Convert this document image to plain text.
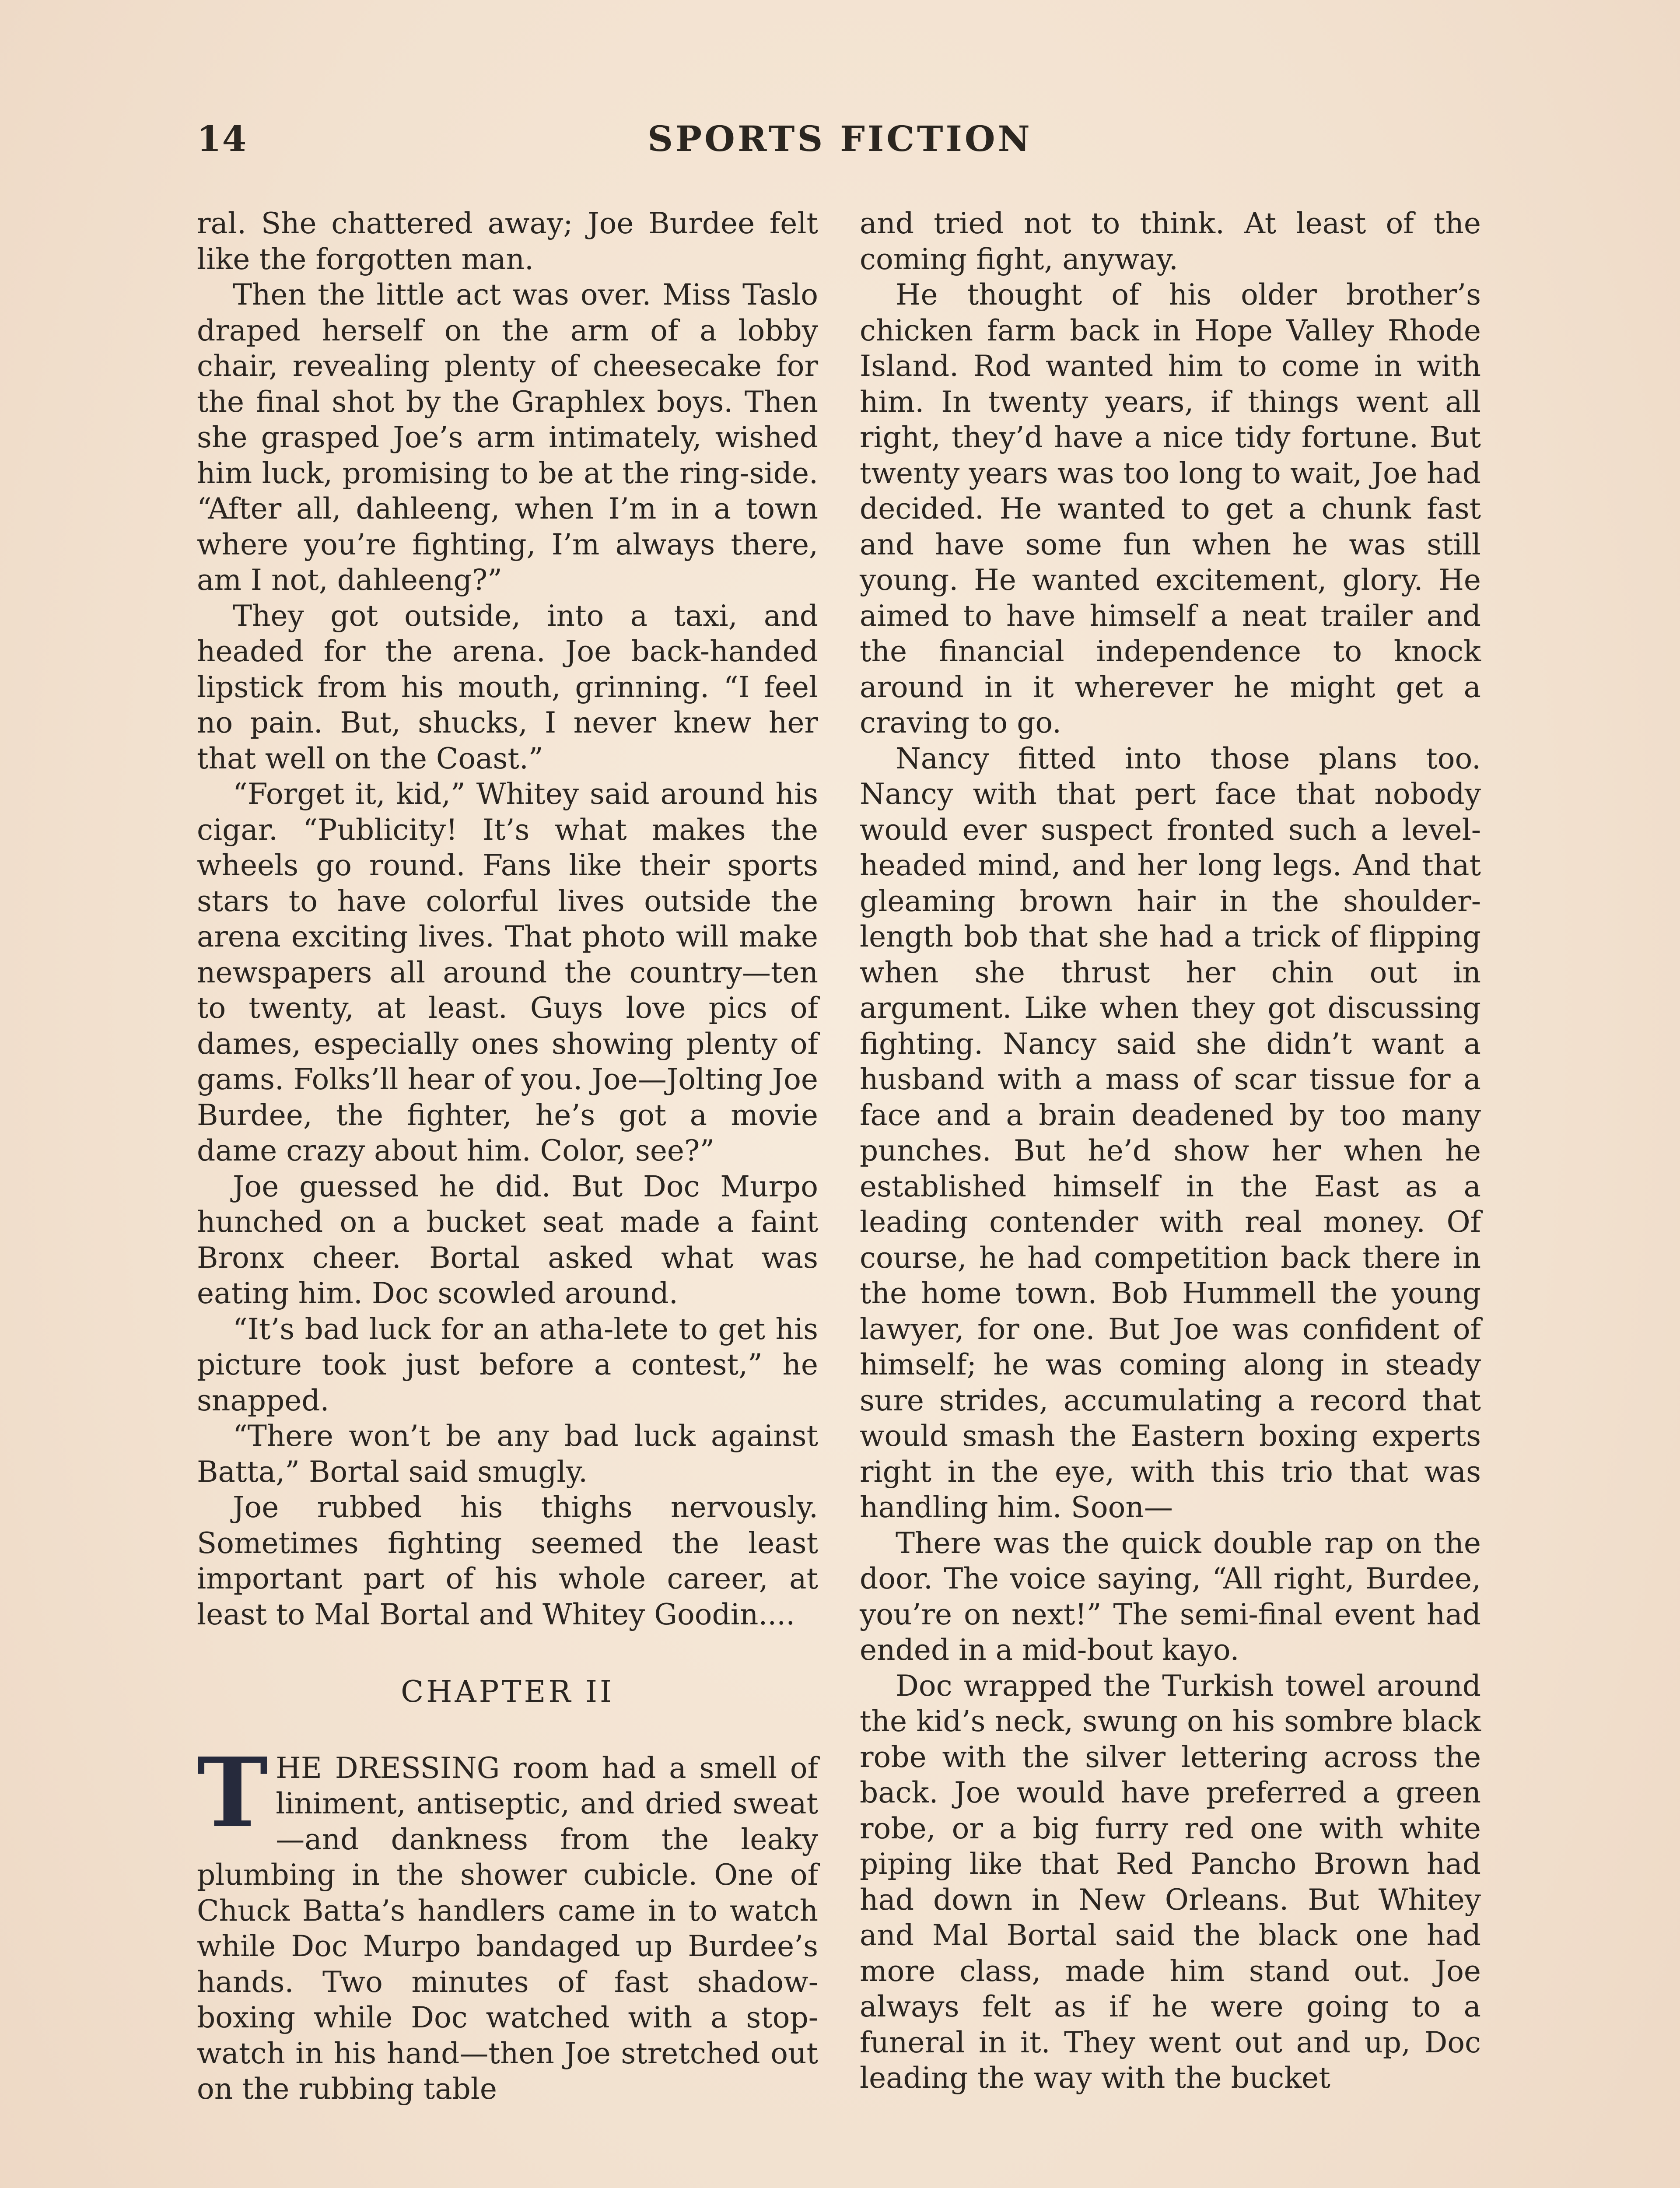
14	SPORTS FICTION

ral. She chattered away; Joe Burdee felt like the forgotten man.

Then the little act was over. Miss Taslo draped herself on the arm of a lobby chair, revealing plenty of cheesecake for the final shot by the Graphlex boys. Then she grasped Joe’s arm intimately, wished him luck, promising to be at the ring-side. “After all, dahleeng, when I’m in a town where you’re fighting, I’m always there, am I not, dahleeng?”

They got outside, into a taxi, and headed for the arena. Joe back-handed lipstick from his mouth, grinning. “I feel no pain. But, shucks, I never knew her that well on the Coast.”

“Forget it, kid,” Whitey said around his cigar. “Publicity! It’s what makes the wheels go round. Fans like their sports stars to have colorful lives outside the arena exciting lives. That photo will make newspapers all around the country—ten to twenty, at least. Guys love pics of dames, especially ones showing plenty of gams. Folks’ll hear of you. Joe—Jolting Joe Burdee, the fighter, he’s got a movie dame crazy about him. Color, see?”

Joe guessed he did. But Doc Murpo hunched on a bucket seat made a faint Bronx cheer. Bortal asked what was eating him. Doc scowled around.

“It’s bad luck for an atha-lete to get his picture took just before a contest,” he snapped.

“There won’t be any bad luck against Batta,” Bortal said smugly.

Joe rubbed his thighs nervously. Sometimes fighting seemed the least important part of his whole career, at least to Mal Bortal and Whitey Goodin....

CHAPTER II

THE DRESSING room had a smell of liniment, antiseptic, and dried sweat—and dankness from the leaky plumbing in the shower cubicle. One of Chuck Batta’s handlers came in to watch while Doc Murpo bandaged up Burdee’s hands. Two minutes of fast shadow-boxing while Doc watched with a stop-watch in his hand—then Joe stretched out on the rubbing table

and tried not to think. At least of the coming fight, anyway.

He thought of his older brother’s chicken farm back in Hope Valley Rhode Island. Rod wanted him to come in with him. In twenty years, if things went all right, they’d have a nice tidy fortune. But twenty years was too long to wait, Joe had decided. He wanted to get a chunk fast and have some fun when he was still young. He wanted excitement, glory. He aimed to have himself a neat trailer and the financial independence to knock around in it wherever he might get a craving to go.

Nancy fitted into those plans too. Nancy with that pert face that nobody would ever suspect fronted such a level-headed mind, and her long legs. And that gleaming brown hair in the shoulder-length bob that she had a trick of flipping when she thrust her chin out in argument. Like when they got discussing fighting. Nancy said she didn’t want a husband with a mass of scar tissue for a face and a brain deadened by too many punches. But he’d show her when he established himself in the East as a leading contender with real money. Of course, he had competition back there in the home town. Bob Hummell the young lawyer, for one. But Joe was confident of himself; he was coming along in steady sure strides, accumulating a record that would smash the Eastern boxing experts right in the eye, with this trio that was handling him. Soon—

There was the quick double rap on the door. The voice saying, “All right, Burdee, you’re on next!” The semi-final event had ended in a mid-bout kayo.

Doc wrapped the Turkish towel around the kid’s neck, swung on his sombre black robe with the silver lettering across the back. Joe would have preferred a green robe, or a big furry red one with white piping like that Red Pancho Brown had had down in New Orleans. But Whitey and Mal Bortal said the black one had more class, made him stand out. Joe always felt as if he were going to a funeral in it. They went out and up, Doc leading the way with the bucket
